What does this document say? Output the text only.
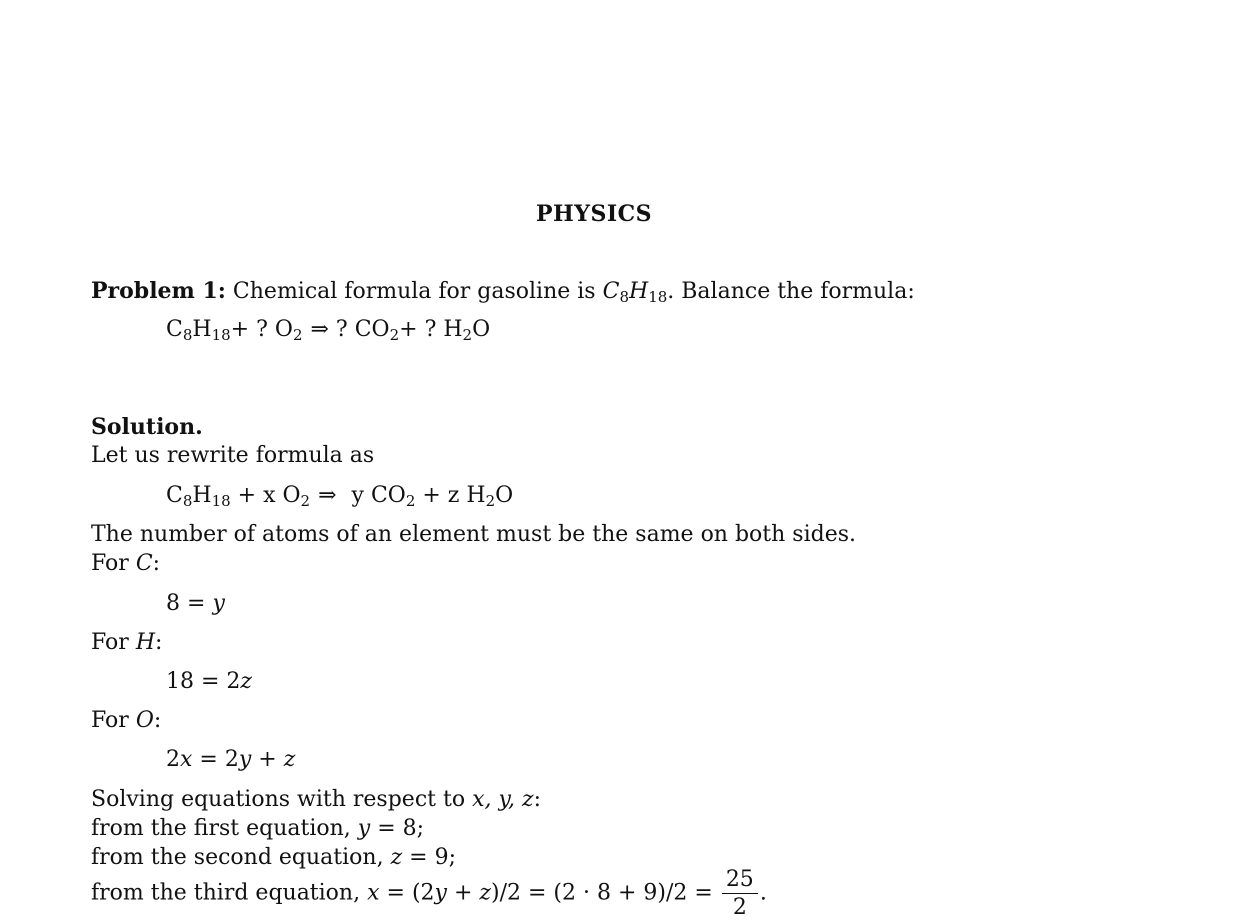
PHYSICS
Problem 1: Chemical formula for gasoline is $C_8H_{18}$. Balance the formula:
$C_8H_{18}+$ ? $O_2$ ⇒ ? $CO_2+$ ? $H_2O$
Solution.
Let us rewrite formula as
$C_8H_{18} + x$ $O_2$ ⇒ y $CO_2 + z$ $H_2O$
The number of atoms of an element must be the same on both sides.
For C:
8 = y
For H:
18 = 2z
For O:
2x = 2y + z
Solving equations with respect to x, y, z:
from the first equation, y = 8;
from the second equation, z = 9;
from the third equation, $x = (2y + z)/2 = (2 \cdot 8 + 9)/2 = \frac{25}{2}$ .
